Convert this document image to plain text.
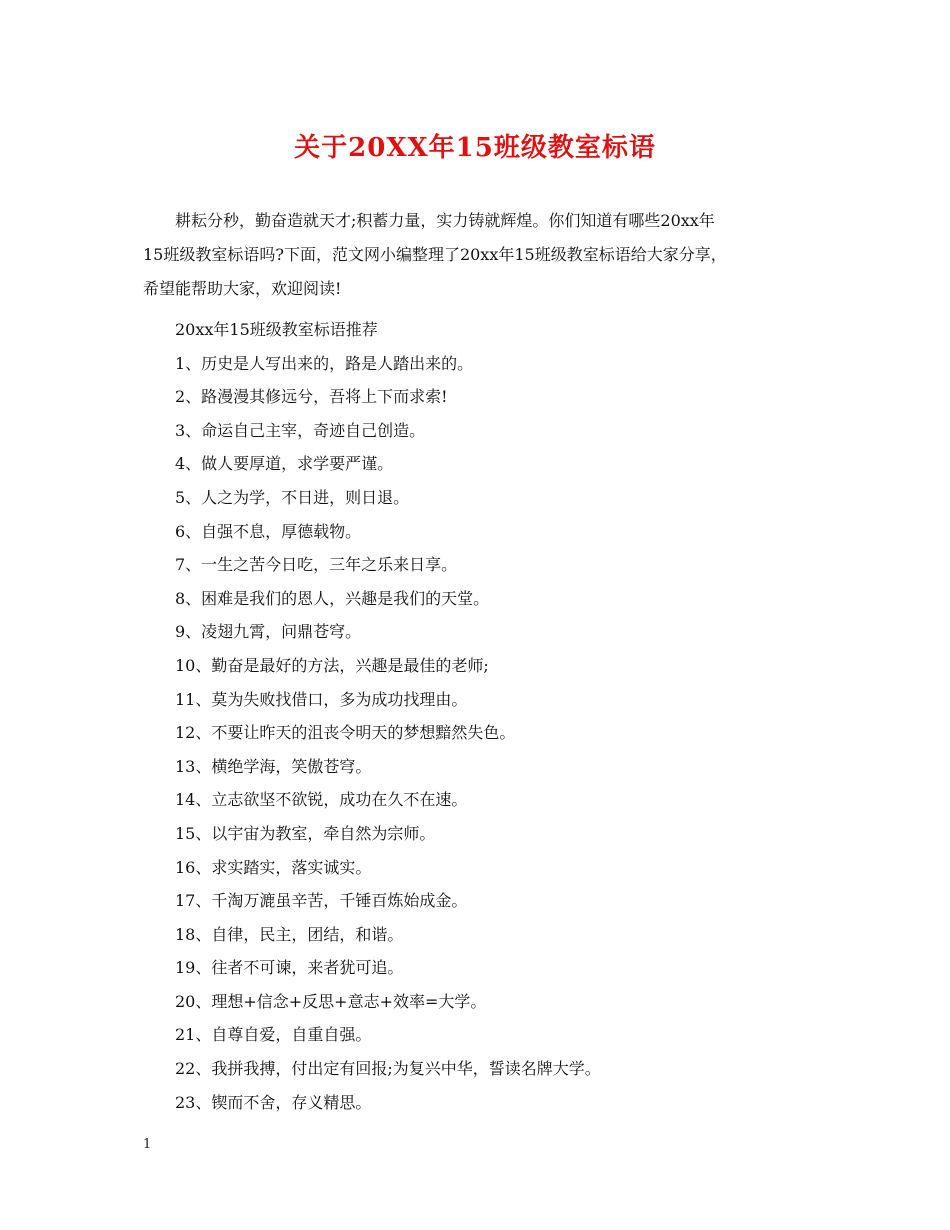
关于20XX年15班级教室标语
耕耘分秒，勤奋造就天才;积蓄力量，实力铸就辉煌。你们知道有哪些20xx年
15班级教室标语吗?下面，范文网小编整理了20xx年15班级教室标语给大家分享，
希望能帮助大家，欢迎阅读!
20xx年15班级教室标语推荐
1、历史是人写出来的，路是人踏出来的。
2、路漫漫其修远兮，吾将上下而求索!
3、命运自己主宰，奇迹自己创造。
4、做人要厚道，求学要严谨。
5、人之为学，不日进，则日退。
6、自强不息，厚德载物。
7、一生之苦今日吃，三年之乐来日享。
8、困难是我们的恩人，兴趣是我们的天堂。
9、凌翅九霄，问鼎苍穹。
10、勤奋是最好的方法，兴趣是最佳的老师;
11、莫为失败找借口，多为成功找理由。
12、不要让昨天的沮丧令明天的梦想黯然失色。
13、横绝学海，笑傲苍穹。
14、立志欲坚不欲锐，成功在久不在速。
15、以宇宙为教室，牵自然为宗师。
16、求实踏实，落实诚实。
17、千淘万漉虽辛苦，千锤百炼始成金。
18、自律，民主，团结，和谐。
19、往者不可谏，来者犹可追。
20、理想+信念+反思+意志+效率=大学。
21、自尊自爱，自重自强。
22、我拼我搏，付出定有回报;为复兴中华，誓读名牌大学。
23、锲而不舍，存义精思。
1
